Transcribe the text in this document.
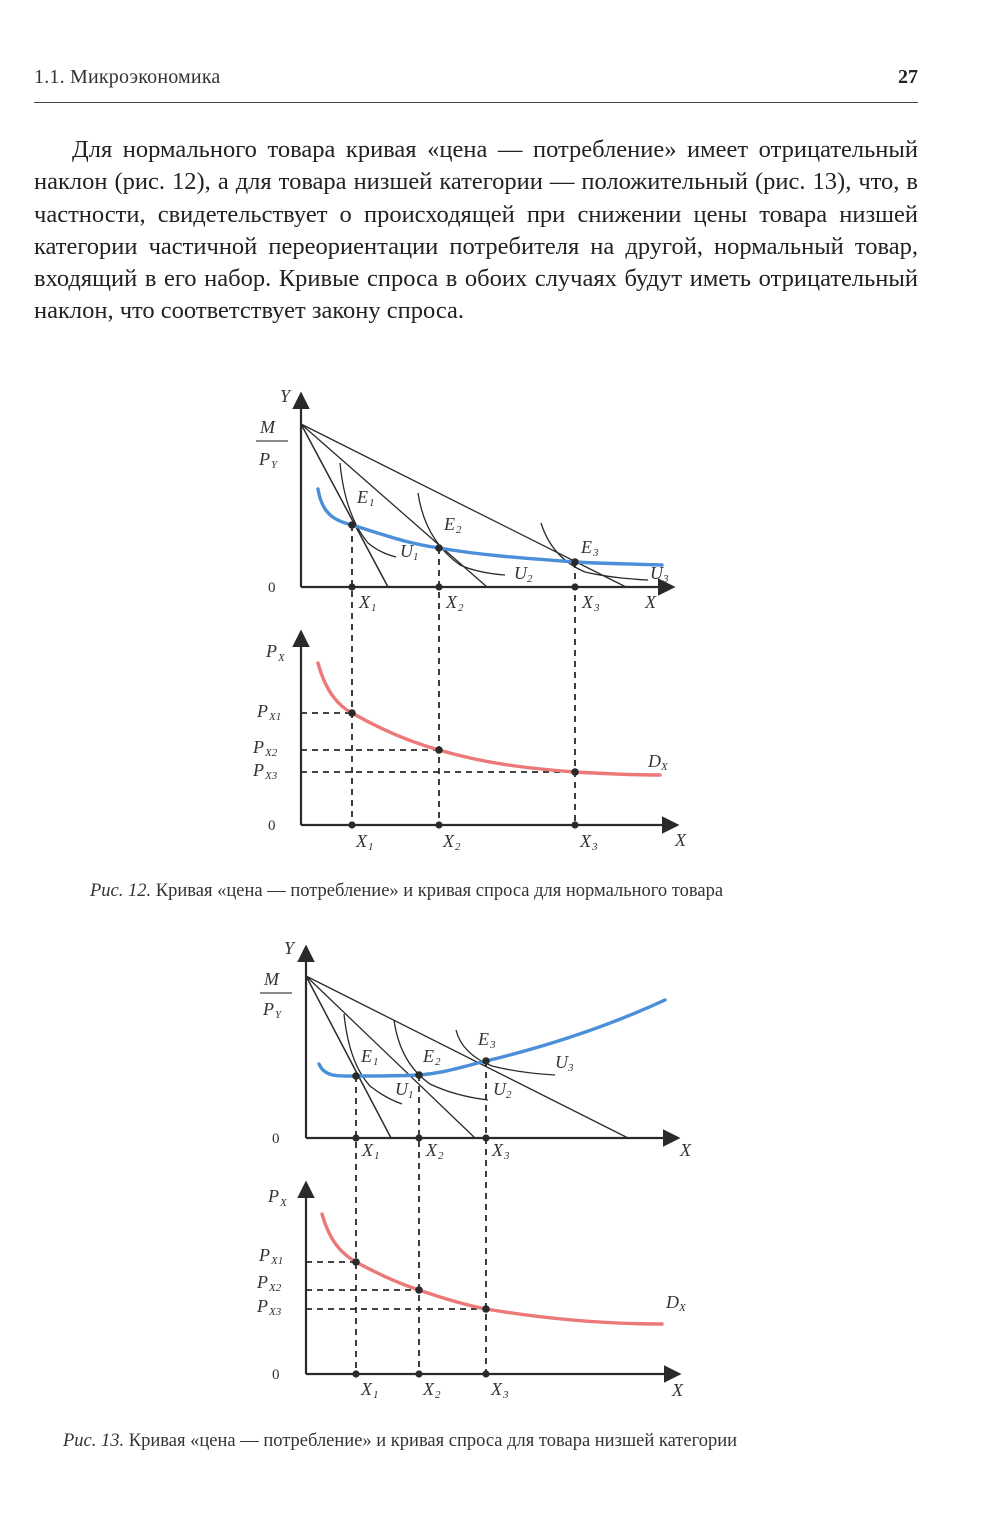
1.1. Микроэкономика	27

Для нормального товара кривая «цена — потребление» имеет отрицательный наклон (рис. 12), а для товара низшей категории — положительный (рис. 13), что, в частности, свидетельствует о происходящей при снижении цены товара низшей категории частичной переориентации потребителя на другой, нормальный товар, входящий в его набор. Кривые спроса в обоих случаях будут иметь отрицательный наклон, что соответствует закону спроса.

Y
X
0
M
P Y
E 1
E 2
E 3
U 1
U 2	U 3
X 1	X 2	X 3
P X
X
0
P X1
P X2
P X3
D X
X 1	X 2	X 3
Рис. 12. Кривая «цена — потребление» и кривая спроса для нормального товара
Y
X
0
M
P Y
E 1 E 2
E 3
U 1	U 2
U 3
X 1	X 2	X 3
P X
X
0
P X1
P X2
P X3	D X
X 1 X 2	X 3
Рис. 13. Кривая «цена — потребление» и кривая спроса для товара низшей категории
